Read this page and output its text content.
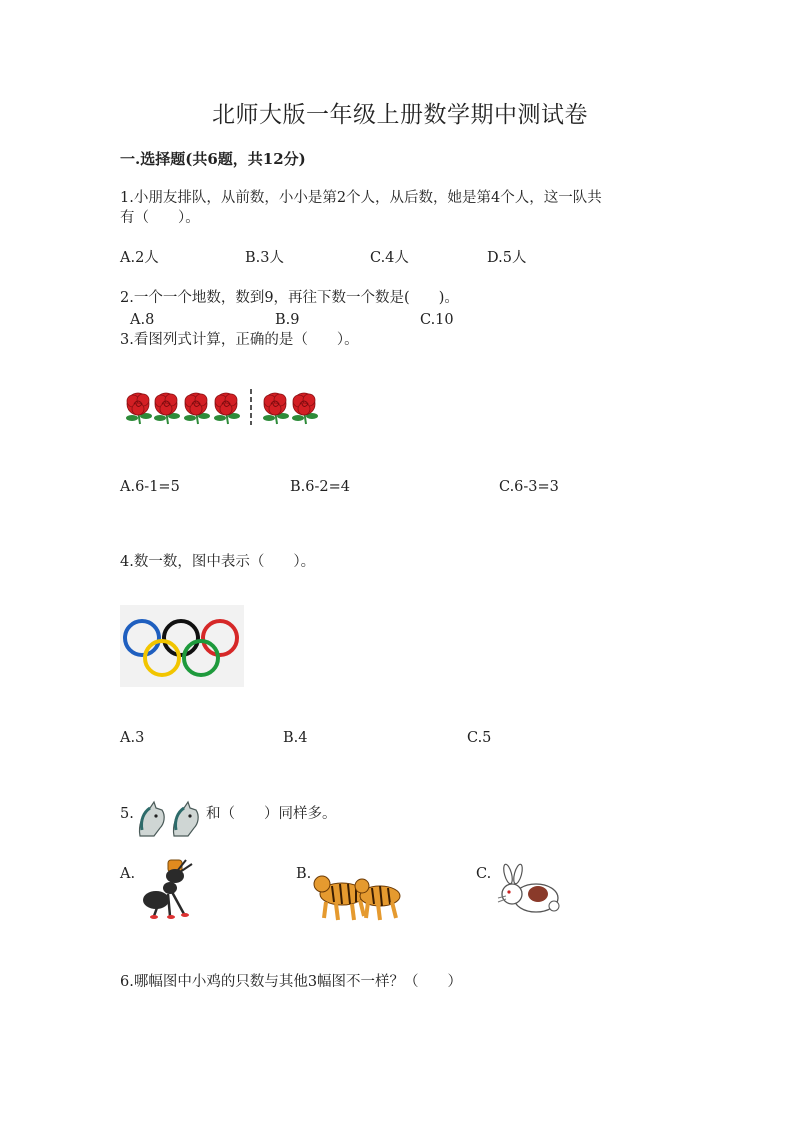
北师大版一年级上册数学期中测试卷
一.选择题(共6题，共12分)
1.小朋友排队，从前数，小小是第2个人，从后数，她是第4个人，这一队共
有（　　）。
A.2人	B.3人	C.4人	D.5人
2.一个一个地数，数到9，再往下数一个数是(　　)。
A.8	B.9	C.10
3.看图列式计算，正确的是（　　）。
A.6-1=5	B.6-2=4	C.6-3=3
4.数一数，图中表示（　　）。
A.3	B.4	C.5
5.	和（　　）同样多。
A.	B.	C.
6.哪幅图中小鸡的只数与其他3幅图不一样？（　　）
